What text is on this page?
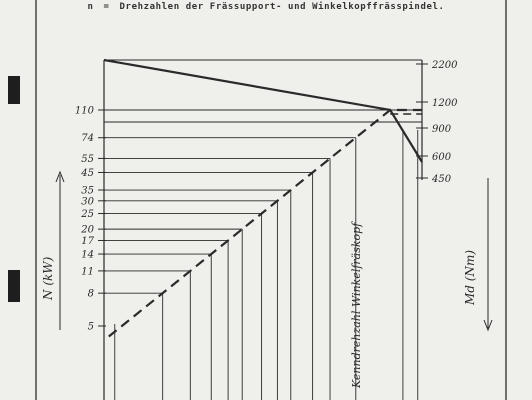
n = Drehzahlen der Frässupport- und Winkelkopffrässpindel.
5
8
11
14
17
20
25
30
35
45
55
74
110
2200
1200
900
600
450
N (kW)	Md (Nm)
Kenndrehzahl Winkelfräskopf
